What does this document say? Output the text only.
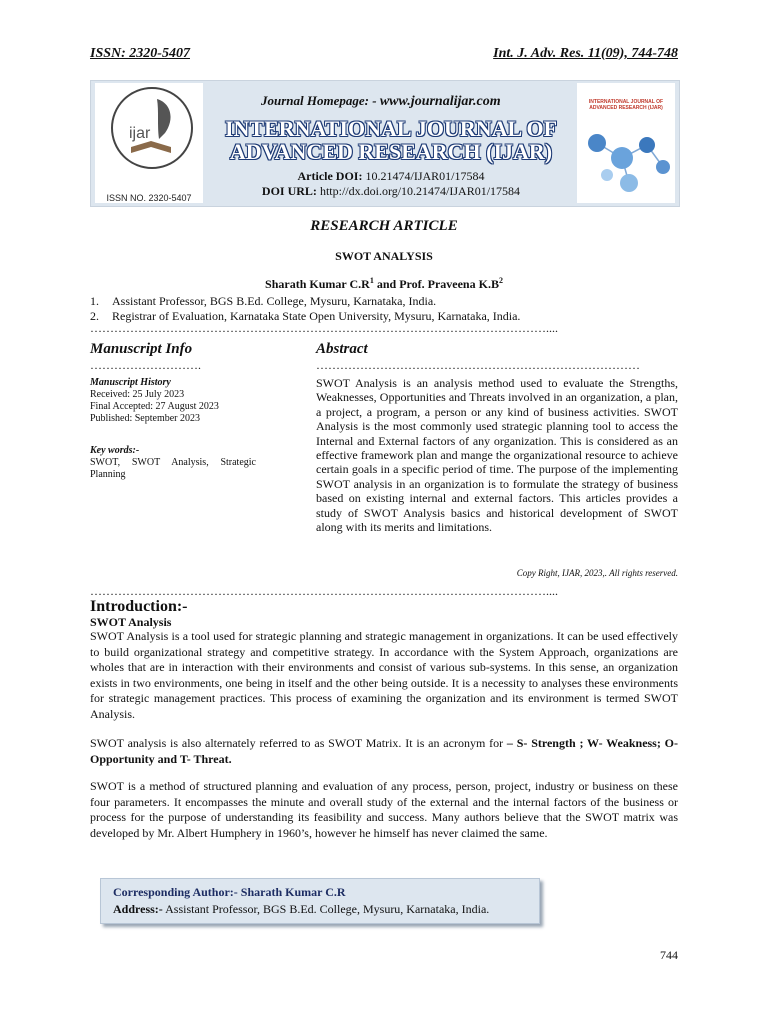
ISSN: 2320-5407	Int. J. Adv. Res. 11(09), 744-748
ijar
ISSN NO. 2320-5407
Journal Homepage: - www.journalijar.com
INTERNATIONAL JOURNAL OF
ADVANCED RESEARCH (IJAR)
Article DOI: 10.21474/IJAR01/17584
DOI URL: http://dx.doi.org/10.21474/IJAR01/17584
INTERNATIONAL JOURNAL OF ADVANCED RESEARCH (IJAR)
RESEARCH ARTICLE
SWOT ANALYSIS
Sharath Kumar $C.R^1$ and Prof. Praveena $K.B^2$
1. Assistant Professor, BGS B.Ed. College, Mysuru, Karnataka, India.
2. Registrar of Evaluation, Karnataka State Open University, Mysuru, Karnataka, India.
……………………………………………………………………………………………………....
Manuscript Info
……………………….
Manuscript History
Received: 25 July 2023
Final Accepted: 27 August 2023
Published: September 2023
Key words:-
SWOT, SWOT Analysis, Strategic Planning
Abstract
………………………………………………………………………
SWOT Analysis is an analysis method used to evaluate the Strengths, Weaknesses, Opportunities and Threats involved in an organization, a plan, a project, a program, a person or any kind of business activities. SWOT Analysis is the most commonly used strategic planning tool to access the Internal and External factors of any organization. This is considered as an effective framework plan and mange the organizational resource to achieve certain goals in a specific period of time. The purpose of the implementing SWOT analysis in an organization is to formulate the strategy of business based on existing internal and external factors. This articles provides a study of SWOT Analysis basics and historical development of SWOT along with its merits and limitations.
Copy Right, IJAR, 2023,. All rights reserved.
……………………………………………………………………………………………………....
Introduction:-
SWOT Analysis
SWOT Analysis is a tool used for strategic planning and strategic management in organizations. It can be used effectively to build organizational strategy and competitive strategy. In accordance with the System Approach, organizations are wholes that are in interaction with their environments and consist of various sub-systems. In this sense, an organization exists in two environments, one being in itself and the other being outside. It is a necessity to analyses these environments for strategic management practices. This process of examining the organization and its environment is termed SWOT Analysis.
SWOT analysis is also alternately referred to as SWOT Matrix. It is an acronym for – S- Strength ; W- Weakness; O- Opportunity and T- Threat.
SWOT is a method of structured planning and evaluation of any process, person, project, industry or business on these four parameters. It encompasses the minute and overall study of the external and the internal factors of the business or process for the purpose of understanding its feasibility and success. Many authors believe that the SWOT matrix was developed by Mr. Albert Humphery in 1960’s, however he himself has never claimed the same.
Corresponding Author:- Sharath Kumar C.R
Address:- Assistant Professor, BGS B.Ed. College, Mysuru, Karnataka, India.
744
